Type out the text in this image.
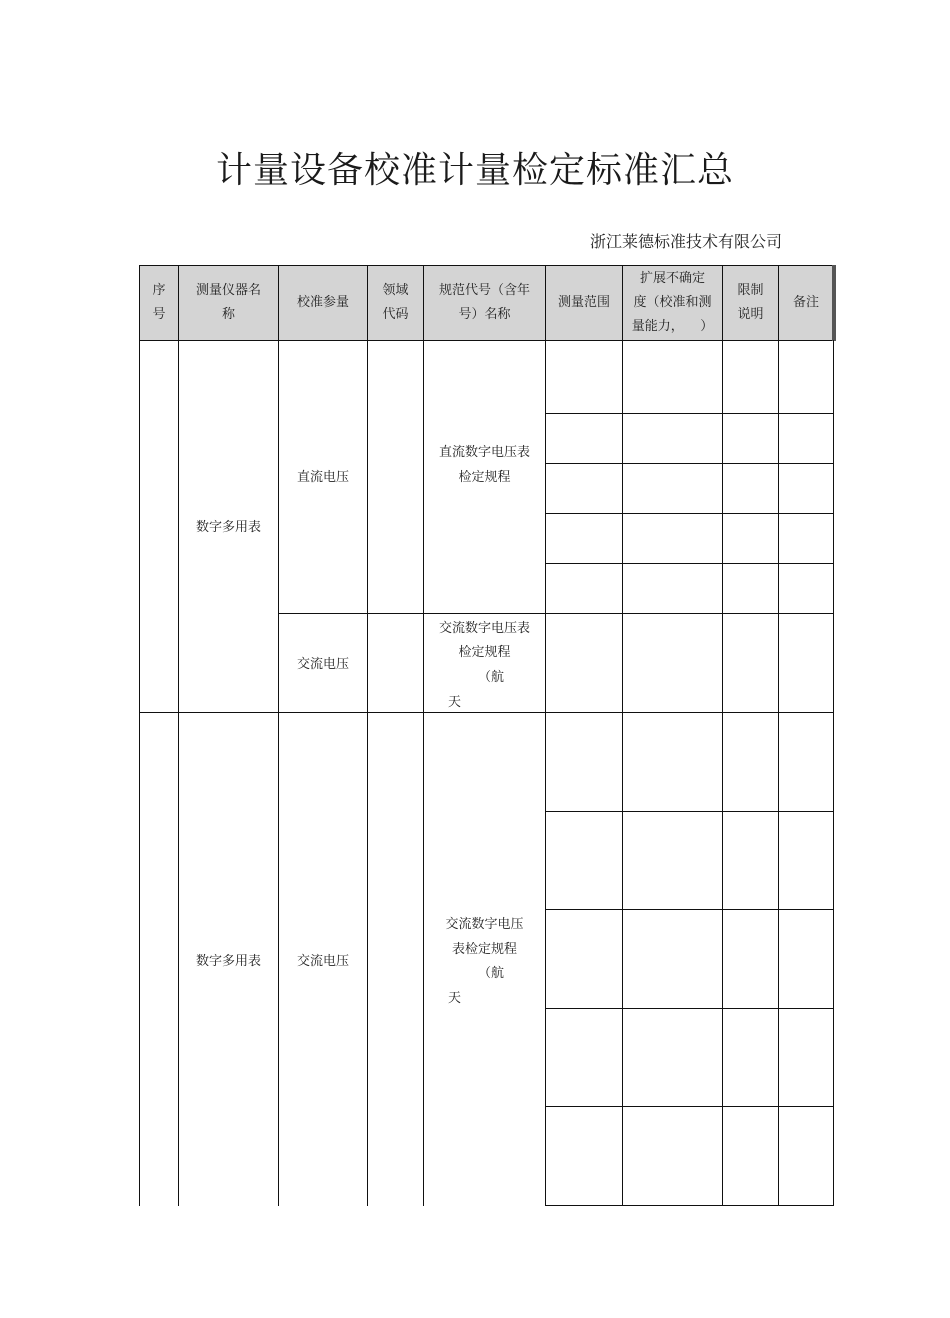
计量设备校准计量检定标准汇总
浙江莱德标准技术有限公司
序
号
测量仪器名
称
校准参量
领域
代码
规范代号（含年
号）名称
测量范围
扩展不确定
度（校准和测
量能力，    ）
限制
说明
备注
数字多用表
直流电压
直流数字电压表
检定规程
交流电压
交流数字电压表
检定规程
（航
天
数字多用表	交流电压
交流数字电压
表检定规程
（航
天
